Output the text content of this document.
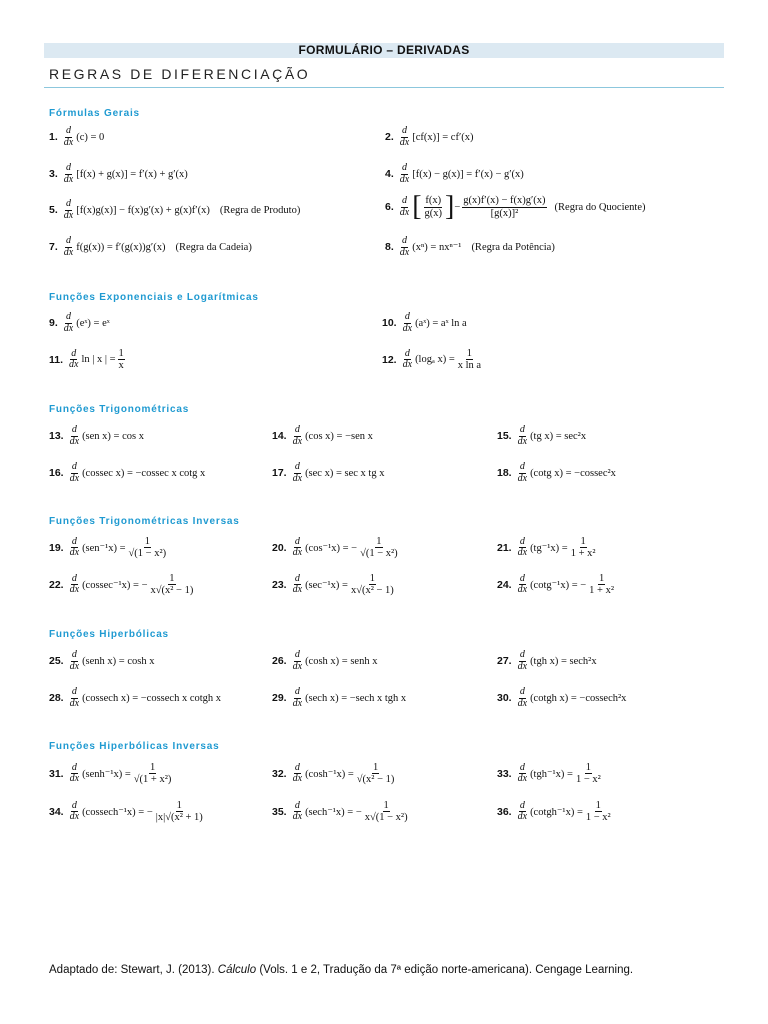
FORMULÁRIO – DERIVADAS
REGRAS DE DIFERENCIAÇÃO
Fórmulas Gerais
Funções Exponenciais e Logarítmicas
Funções Trigonométricas
Funções Trigonométricas Inversas
Funções Hiperbólicas
Funções Hiperbólicas Inversas
1. $\frac{d}{dx} (c) = 0$	2. $\frac{d}{dx} [cf(x)] = cf'(x)$
3. $\frac{d}{dx} [f(x) + g(x)] = f'(x) + g'(x)$	4. $\frac{d}{dx} [f(x) - g(x)] = f'(x) - g'(x)$
5. $\frac{d}{dx} [f(x)g(x)] - f(x)g'(x) + g(x)f'(x)$ (Regra de Produto)	6. $\frac{d}{dx}$ [ $\frac{f(x)}{g(x)}$ ] − $\frac{g(x)f'(x) - f(x)g'(x)}{\text{[g(x)]²}}$ (Regra do Quociente)
7. $\frac{d}{dx} f(g(x)) = f'(g(x))g'(x)$ (Regra da Cadeia)	8. $\frac{d}{dx} (x^n) = nx^{n-1}$ (Regra da Potência)
9. $\frac{d}{dx}$ (eˣ) = eˣ	10. $\frac{d}{dx}$ (aˣ) = aˣ ln a
11. $\frac{d}{dx}$ ln | x | = $\frac{1}{x}$	12. $\frac{d}{dx} (\log_a$ $x) = \frac{1}{\text{x ln a}}$
13. $\frac{d}{dx} (sen$ x) = cos x	14. $\frac{d}{dx} (\cos$ x) = −sen x	15. $\frac{d}{dx} (tg$ x) = sec²x
16. $\frac{d}{dx} (cossec$ x) = −cossec x cotg x	17. $\frac{d}{dx} (\sec$ x) = sec x tg x	18. $\frac{d}{dx} (\cot g$ x) = −cossec²x
19. $\frac{d}{dx} (sen^{-1}x) = \frac{1}{\text{√(1 − x²)}}$	20. $\frac{d}{dx} (\cos^{-1}x)$ = − $\frac{1}{\text{√(1 − x²)}}$	21. $\frac{d}{dx} (tg^{-1}x) = \frac{1}{\text{1 + x²}}$
22. $\frac{d}{dx} (cossec^{-1}x)$ = − $\frac{1}{\text{x√(x² − 1)}}$	23. $\frac{d}{dx} (\sec^{-1}x) = \frac{1}{\text{x√(x² − 1)}}$	24. $\frac{d}{dx} (\cot g^{-1}x)$ = − $\frac{1}{\text{1 + x²}}$
25. $\frac{d}{dx}$ (senh x) = cosh x	26. $\frac{d}{dx} (\cosh$ x) = senh x	27. $\frac{d}{dx} (tgh$ x) = sech²x
28. $\frac{d}{dx} (cossech$ x) = −cossech x cotgh x	29. $\frac{d}{dx} (\sec h$ x) = −sech x tgh x	30. $\frac{d}{dx}$ (cotgh x) = −cossech²x
31. $\frac{d}{dx}$ (senh⁻¹x) = $\frac{1}{\text{√(1 + x²)}}$	32. $\frac{d}{dx} (\cosh^{-1}x) = \frac{1}{\text{√(x² − 1)}}$	33. $\frac{d}{dx} (tgh^{-1}x) = \frac{1}{\text{1 − x²}}$
34. $\frac{d}{dx} (cossech^{-1}x)$ = − $\frac{1}{\text{|x|√(x² + 1)}}$	35. $\frac{d}{dx} (\sec h^{-1}x)$ = − $\frac{1}{\text{x√(1 − x²)}}$	36. $\frac{d}{dx}$ (cotgh⁻¹x) = $\frac{1}{\text{1 − x²}}$
Adaptado de: Stewart, J. (2013). Cálculo (Vols. 1 e 2, Tradução da 7ª edição norte-americana). Cengage Learning.
